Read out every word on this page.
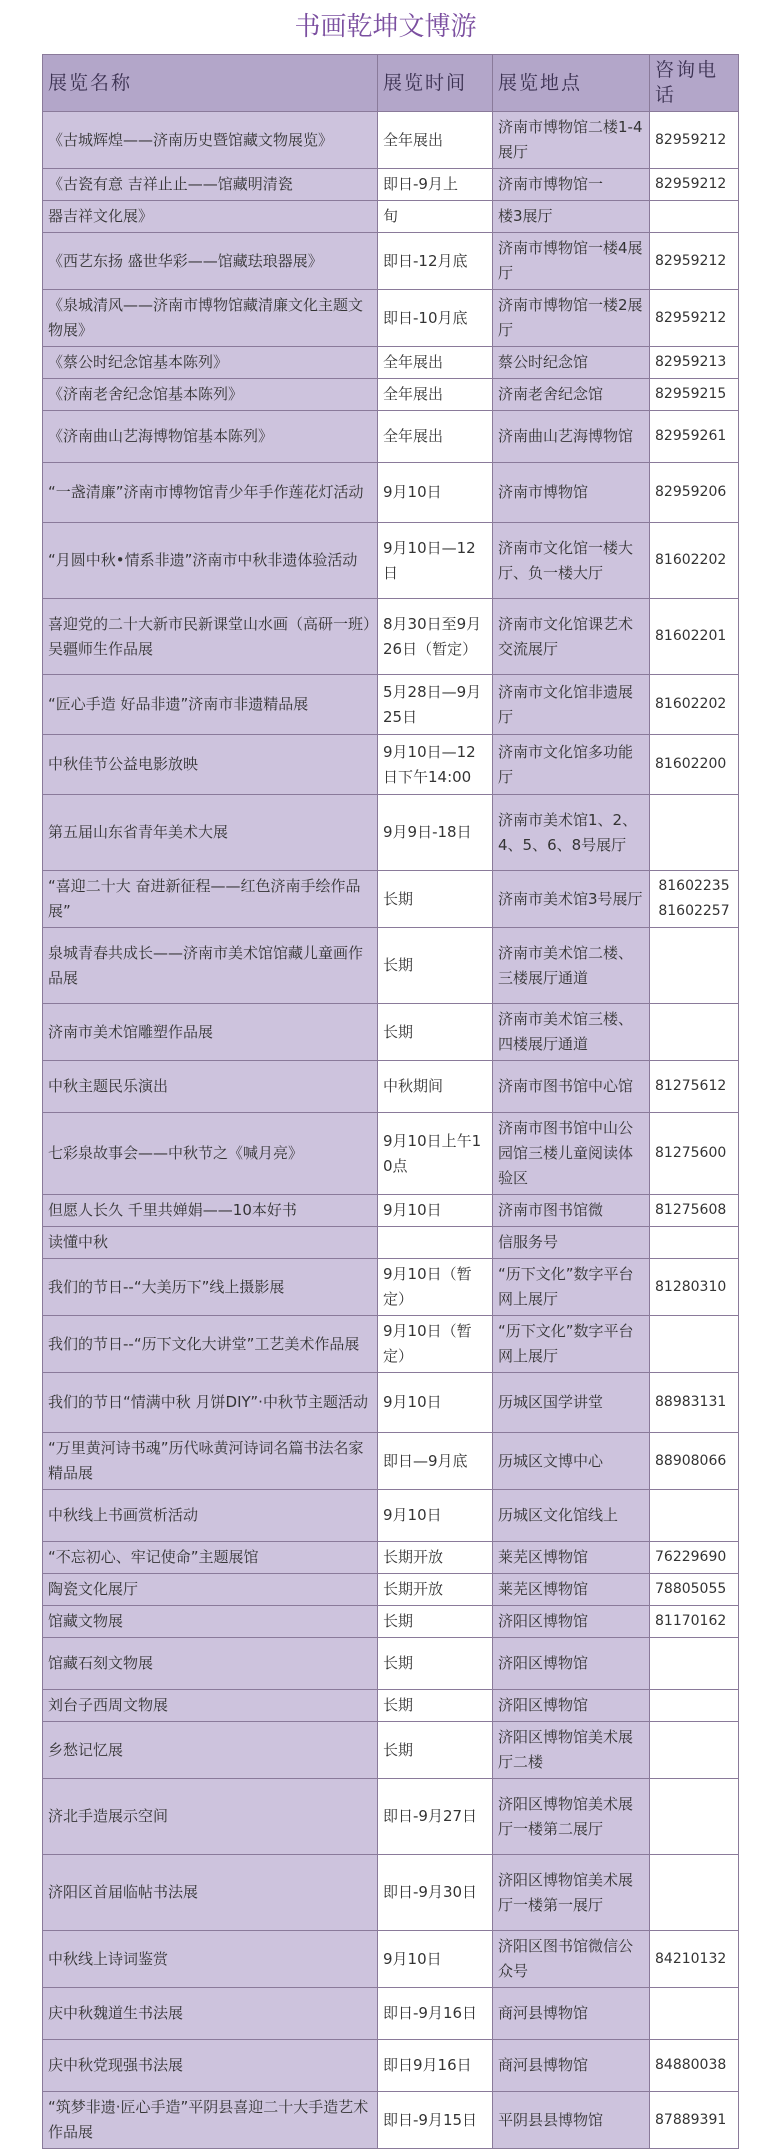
书画乾坤文博游
展览名称	展览时间	展览地点	咨询电话
《古城辉煌——济南历史暨馆藏文物展览》	全年展出	济南市博物馆二楼1-4展厅	82959212
《古瓷有意 吉祥止止——馆藏明清瓷	即日-9月上	济南市博物馆一	82959212
器吉祥文化展》	旬	楼3展厅	
《西艺东扬 盛世华彩——馆藏珐琅器展》	即日-12月底	济南市博物馆一楼4展厅	82959212
《泉城清风——济南市博物馆藏清廉文化主题文物展》	即日-10月底	济南市博物馆一楼2展厅	82959212
《蔡公时纪念馆基本陈列》	全年展出	蔡公时纪念馆	82959213
《济南老舍纪念馆基本陈列》	全年展出	济南老舍纪念馆	82959215
《济南曲山艺海博物馆基本陈列》	全年展出	济南曲山艺海博物馆	82959261
“一盏清廉”济南市博物馆青少年手作莲花灯活动	9月10日	济南市博物馆	82959206
“月圆中秋•情系非遗”济南市中秋非遗体验活动	9月10日—12日	济南市文化馆一楼大厅、负一楼大厅	81602202
喜迎党的二十大新市民新课堂山水画（高研一班）吴疆师生作品展	8月30日至9月26日（暂定）	济南市文化馆课艺术交流展厅	81602201
“匠心手造 好品非遗”济南市非遗精品展	5月28日—9月25日	济南市文化馆非遗展厅	81602202
中秋佳节公益电影放映	9月10日—12日下午14:00	济南市文化馆多功能厅	81602200
第五届山东省青年美术大展	9月9日-18日	济南市美术馆1、2、4、5、6、8号展厅	
“喜迎二十大 奋进新征程——红色济南手绘作品展”	长期	济南市美术馆3号展厅	81602235 81602257
泉城青春共成长——济南市美术馆馆藏儿童画作品展	长期	济南市美术馆二楼、三楼展厅通道	
济南市美术馆雕塑作品展	长期	济南市美术馆三楼、四楼展厅通道	
中秋主题民乐演出	中秋期间	济南市图书馆中心馆	81275612
七彩泉故事会——中秋节之《喊月亮》	9月10日上午10点	济南市图书馆中山公园馆三楼儿童阅读体验区	81275600
但愿人长久 千里共婵娟——10本好书	9月10日	济南市图书馆微	81275608
读懂中秋		信服务号	
我们的节日--“大美历下”线上摄影展	9月10日（暂定）	“历下文化”数字平台网上展厅	81280310
我们的节日--“历下文化大讲堂”工艺美术作品展	9月10日（暂定）	“历下文化”数字平台网上展厅	
我们的节日“情满中秋 月饼DIY”·中秋节主题活动	9月10日	历城区国学讲堂	88983131
“万里黄河诗书魂”历代咏黄河诗词名篇书法名家精品展	即日—9月底	历城区文博中心	88908066
中秋线上书画赏析活动	9月10日	历城区文化馆线上	
“不忘初心、牢记使命”主题展馆	长期开放	莱芜区博物馆	76229690
陶瓷文化展厅	长期开放	莱芜区博物馆	78805055
馆藏文物展	长期	济阳区博物馆	81170162
馆藏石刻文物展	长期	济阳区博物馆	
刘台子西周文物展	长期	济阳区博物馆	
乡愁记忆展	长期	济阳区博物馆美术展厅二楼	
济北手造展示空间	即日-9月27日	济阳区博物馆美术展厅一楼第二展厅	
济阳区首届临帖书法展	即日-9月30日	济阳区博物馆美术展厅一楼第一展厅	
中秋线上诗词鉴赏	9月10日	济阳区图书馆微信公众号	84210132
庆中秋魏道生书法展	即日-9月16日	商河县博物馆	
庆中秋党现强书法展	即日9月16日	商河县博物馆	84880038
“筑梦非遗·匠心手造”平阴县喜迎二十大手造艺术作品展	即日-9月15日	平阴县县博物馆	87889391
